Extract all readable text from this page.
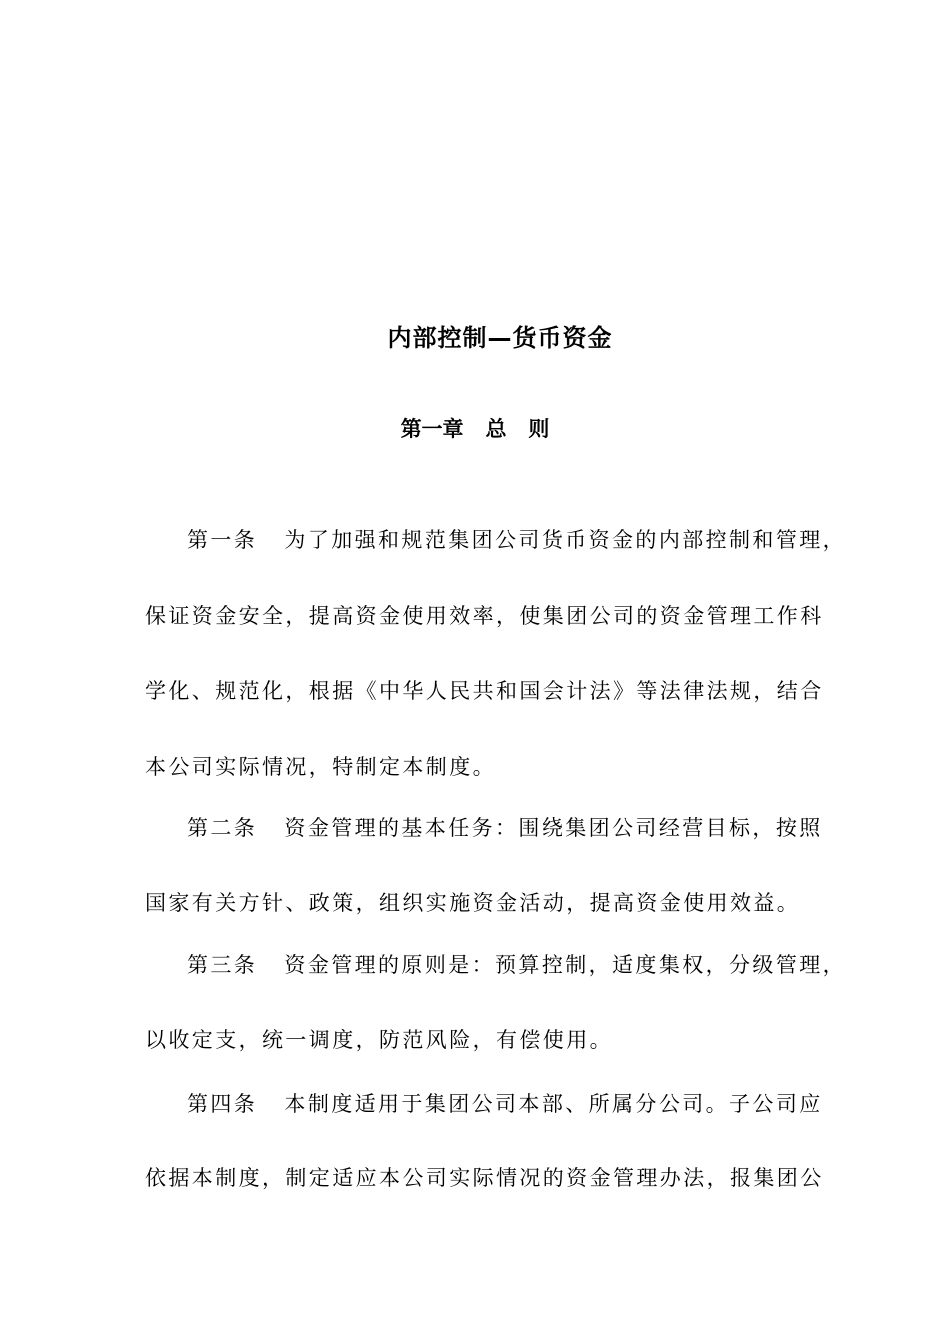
内部控制—货币资金
第一章   总   则
第一条   为了加强和规范集团公司货币资金的内部控制和管理，
保证资金安全，提高资金使用效率，使集团公司的资金管理工作科
学化、规范化，根据《中华人民共和国会计法》等法律法规，结合
本公司实际情况，特制定本制度。
第二条   资金管理的基本任务：围绕集团公司经营目标，按照
国家有关方针、政策，组织实施资金活动，提高资金使用效益。
第三条   资金管理的原则是：预算控制，适度集权，分级管理，
以收定支，统一调度，防范风险，有偿使用。
第四条   本制度适用于集团公司本部、所属分公司。子公司应
依据本制度，制定适应本公司实际情况的资金管理办法，报集团公
